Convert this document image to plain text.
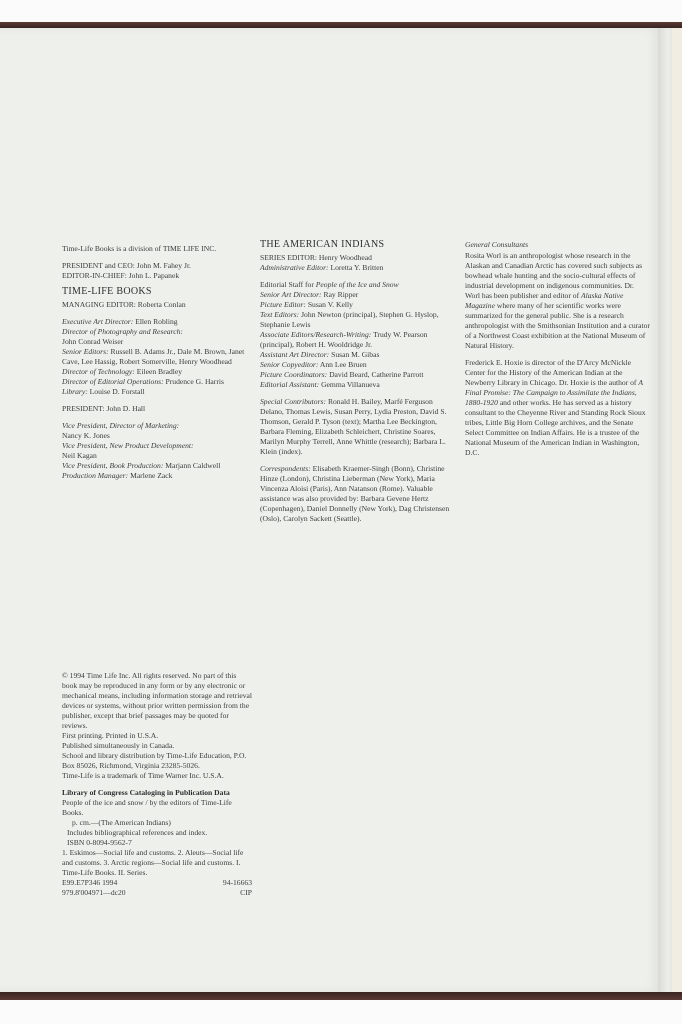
Time-Life Books is a division of TIME LIFE INC.

PRESIDENT and CEO: John M. Fahey Jr.
EDITOR-IN-CHIEF: John L. Papanek

TIME-LIFE BOOKS

MANAGING EDITOR: Roberta Conlan

Executive Art Director: Ellen Robling
Director of Photography and Research:
John Conrad Weiser
Senior Editors: Russell B. Adams Jr., Dale M. Brown, Janet Cave, Lee Hassig, Robert Somerville, Henry Woodhead
Director of Technology: Eileen Bradley
Director of Editorial Operations: Prudence G. Harris
Library: Louise D. Forstall

PRESIDENT: John D. Hall

Vice President, Director of Marketing:
Nancy K. Jones
Vice President, New Product Development:
Neil Kagan
Vice President, Book Production: Marjann Caldwell
Production Manager: Marlene Zack

THE AMERICAN INDIANS

SERIES EDITOR: Henry Woodhead
Administrative Editor: Loretta Y. Britten

Editorial Staff for People of the Ice and Snow
Senior Art Director: Ray Ripper
Picture Editor: Susan V. Kelly
Text Editors: John Newton (principal), Stephen G. Hyslop, Stephanie Lewis
Associate Editors/Research-Writing: Trudy W. Pearson (principal), Robert H. Wooldridge Jr.
Assistant Art Director: Susan M. Gibas
Senior Copyeditor: Ann Lee Bruen
Picture Coordinators: David Beard, Catherine Parrott
Editorial Assistant: Gemma Villanueva

Special Contributors: Ronald H. Bailey, Marfé Ferguson Delano, Thomas Lewis, Susan Perry, Lydia Preston, David S. Thomson, Gerald P. Tyson (text); Martha Lee Beckington, Barbara Fleming, Elizabeth Schleichert, Christine Soares, Marilyn Murphy Terrell, Anne Whittle (research); Barbara L. Klein (index).

Correspondents: Elisabeth Kraemer-Singh (Bonn), Christine Hinze (London), Christina Lieberman (New York), Maria Vincenza Aloisi (Paris), Ann Natanson (Rome). Valuable assistance was also provided by: Barbara Gevene Hertz (Copenhagen), Daniel Donnelly (New York), Dag Christensen (Oslo), Carolyn Sackett (Seattle).

General Consultants

Rosita Worl is an anthropologist whose research in the Alaskan and Canadian Arctic has covered such subjects as bowhead whale hunting and the socio-cultural effects of industrial development on indigenous communities. Dr. Worl has been publisher and editor of Alaska Native Magazine where many of her scientific works were summarized for the general public. She is a research anthropologist with the Smithsonian Institution and a curator of a Northwest Coast exhibition at the National Museum of Natural History.

Frederick E. Hoxie is director of the D'Arcy McNickle Center for the History of the American Indian at the Newberry Library in Chicago. Dr. Hoxie is the author of A Final Promise: The Campaign to Assimilate the Indians, 1880-1920 and other works. He has served as a history consultant to the Cheyenne River and Standing Rock Sioux tribes, Little Big Horn College archives, and the Senate Select Committee on Indian Affairs. He is a trustee of the National Museum of the American Indian in Washington, D.C.

© 1994 Time Life Inc. All rights reserved. No part of this book may be reproduced in any form or by any electronic or mechanical means, including information storage and retrieval devices or systems, without prior written permission from the publisher, except that brief passages may be quoted for reviews.

First printing. Printed in U.S.A.
Published simultaneously in Canada.
School and library distribution by Time-Life Education, P.O. Box 85026, Richmond, Virginia 23285-5026.

Time-Life is a trademark of Time Warner Inc. U.S.A.

Library of Congress Cataloging in Publication Data
People of the ice and snow / by the editors of Time-Life Books.
p. cm.—(The American Indians)
Includes bibliographical references and index.
ISBN 0-8094-9562-7
1. Eskimos—Social life and customs. 2. Aleuts—Social life and customs. 3. Arctic regions—Social life and customs. I. Time-Life Books. II. Series.
E99.E7P346 1994	94-16663
979.8'004971—dc20	CIP
